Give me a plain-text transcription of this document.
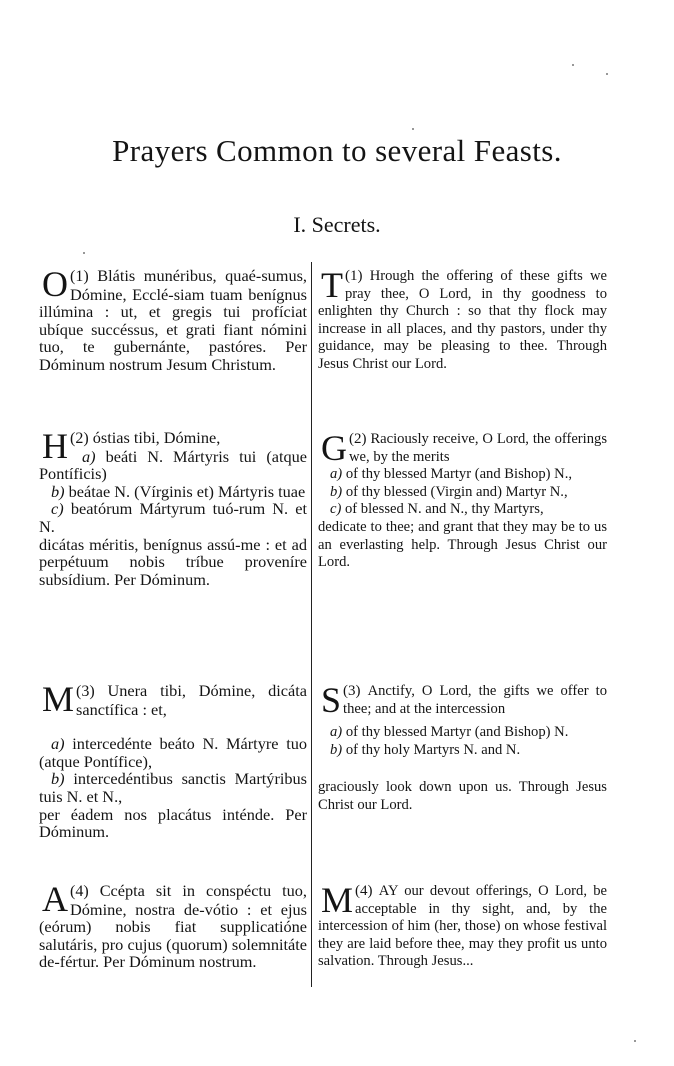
Prayers Common to several Feasts.
I. Secrets.

(1)
O Blátis munéribus, quaé-sumus, Dómine, Ecclé-siam tuam benígnus illúmina : ut, et gregis tui profíciat ubíque succéssus, et grati fiant nómini tuo, te gubernánte, pastóres. Per Dóminum nostrum Jesum Christum.

(1)
T Hrough the offering of these gifts we pray thee, O Lord, in thy goodness to enlighten thy Church : so that thy flock may increase in all places, and thy pastors, under thy guidance, may be pleasing to thee. Through Jesus Christ our Lord.

(2)
H óstias tibi, Dómine,

a) beáti N. Mártyris tui (atque Pontíficis)

b) beátae N. (Vírginis et) Mártyris tuae

c) beatórum Mártyrum tuó-rum N. et N.

dicátas méritis, benígnus assú-me : et ad perpétuum nobis tríbue proveníre subsídium. Per Dóminum.

(2)
G Raciously receive, O Lord, the offerings we, by the merits

a) of thy blessed Martyr (and Bishop) N.,

b) of thy blessed (Virgin and) Martyr N.,

c) of blessed N. and N., thy Martyrs,

dedicate to thee; and grant that they may be to us an everlasting help. Through Jesus Christ our Lord.

(3)
M Unera tibi, Dómine, dicáta sanctífica : et,

a) intercedénte beáto N. Mártyre tuo (atque Pontífice),

b) intercedéntibus sanctis Martýribus tuis N. et N.,

per éadem nos placátus inténde. Per Dóminum.

(3)
S Anctify, O Lord, the gifts we offer to thee; and at the intercession

a) of thy blessed Martyr (and Bishop) N.

b) of thy holy Martyrs N. and N.

graciously look down upon us. Through Jesus Christ our Lord.

(4)
A Ccépta sit in conspéctu tuo, Dómine, nostra de-vótio : et ejus (eórum) nobis fiat supplicatióne salutáris, pro cujus (quorum) solemnitáte de-fértur. Per Dóminum nostrum.

(4)
M AY our devout offerings, O Lord, be acceptable in thy sight, and, by the intercession of him (her, those) on whose festival they are laid before thee, may they profit us unto salvation. Through Jesus...
